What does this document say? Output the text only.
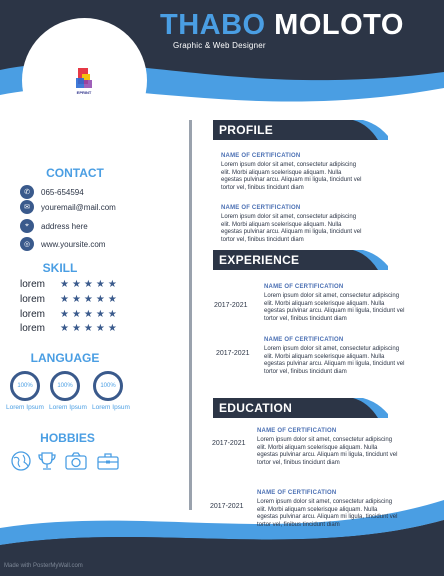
THABO MOLOTO
Graphic & Web Designer
EPRINT
CONTACT
✆	065-654594
✉	youremail@mail.com
⌖	address here
◎	www.yoursite.com
SKILL
lorem	★★★★★
lorem	★★★★★
lorem	★★★★★
lorem	★★★★★
LANGUAGE
100%	100%	100%
Lorem Ipsum Lorem Ipsum Lorem Ipsum
HOBBIES
PROFILE
NAME OF CERTIFICATION
Lorem ipsum dolor sit amet, consectetur adipiscing
elit. Morbi aliquam scelerisque aliquam. Nulla
egestas pulvinar arcu. Aliquam mi ligula, tincidunt vel
tortor vel, finibus tincidunt diam
NAME OF CERTIFICATION
Lorem ipsum dolor sit amet, consectetur adipiscing
elit. Morbi aliquam scelerisque aliquam. Nulla
egestas pulvinar arcu. Aliquam mi ligula, tincidunt vel
tortor vel, finibus tincidunt diam
EXPERIENCE
2017-2021
NAME OF CERTIFICATION
Lorem ipsum dolor sit amet, consectetur adipiscing
elit. Morbi aliquam scelerisque aliquam. Nulla
egestas pulvinar arcu. Aliquam mi ligula, tincidunt vel
tortor vel, finibus tincidunt diam
2017-2021
NAME OF CERTIFICATION
Lorem ipsum dolor sit amet, consectetur adipiscing
elit. Morbi aliquam scelerisque aliquam. Nulla
egestas pulvinar arcu. Aliquam mi ligula, tincidunt vel
tortor vel, finibus tincidunt diam
EDUCATION
2017-2021
NAME OF CERTIFICATION
Lorem ipsum dolor sit amet, consectetur adipiscing
elit. Morbi aliquam scelerisque aliquam. Nulla
egestas pulvinar arcu. Aliquam mi ligula, tincidunt vel
tortor vel, finibus tincidunt diam
2017-2021
NAME OF CERTIFICATION
Lorem ipsum dolor sit amet, consectetur adipiscing
elit. Morbi aliquam scelerisque aliquam. Nulla
egestas pulvinar arcu. Aliquam mi ligula, tincidunt vel
tortor vel, finibus tincidunt diam
Made with PosterMyWall.com
